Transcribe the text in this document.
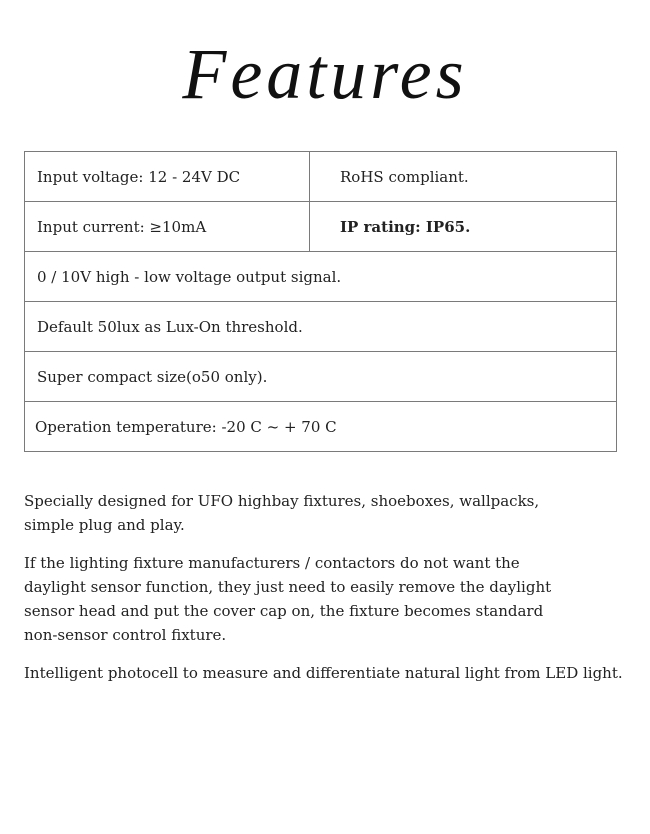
Features
Input voltage: 12 - 24V DC	RoHS compliant.
Input current: ≥10mA	IP rating: IP65.
0 / 10V high - low voltage output signal.	
Default 50lux as Lux-On threshold.	
Super compact size(o50 only).	
Operation temperature: -20 C ~ + 70 C	

Specially designed for UFO highbay fixtures, shoeboxes, wallpacks,
simple plug and play.

If the lighting fixture manufacturers / contactors do not want the
daylight sensor function, they just need to easily remove the daylight
sensor head and put the cover cap on, the fixture becomes standard
non-sensor control fixture.

Intelligent photocell to measure and differentiate natural light from LED light.
